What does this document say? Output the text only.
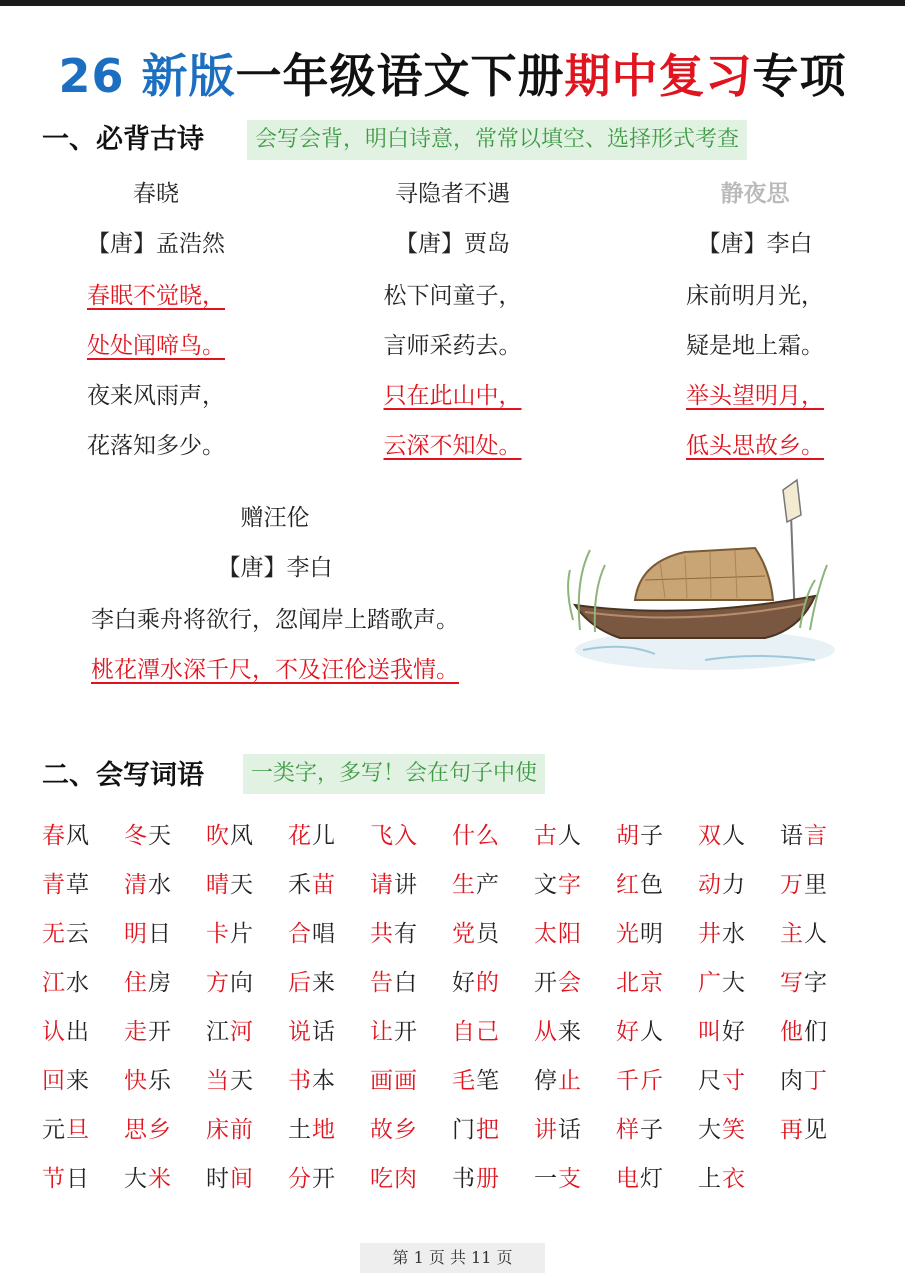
26 新版一年级语文下册期中复习专项
一、必背古诗	会写会背，明白诗意，常常以填空、选择形式考查
春晓
【唐】孟浩然
春眠不觉晓，
处处闻啼鸟。
夜来风雨声，
花落知多少。
寻隐者不遇
【唐】贾岛
松下问童子，
言师采药去。
只在此山中，
云深不知处。
静夜思
【唐】李白
床前明月光，
疑是地上霜。
举头望明月，
低头思故乡。
赠汪伦
【唐】李白
李白乘舟将欲行，忽闻岸上踏歌声。
桃花潭水深千尺，不及汪伦送我情。
二、会写词语	一类字，多写！会在句子中使
春风	冬天	吹风	花儿	飞入	什么	古人	胡子	双人	语言
青草	清水	晴天	禾苗	请讲	生产	文字	红色	动力	万里
无云	明日	卡片	合唱	共有	党员	太阳	光明	井水	主人
江水	住房	方向	后来	告白	好的	开会	北京	广大	写字
认出	走开	江河	说话	让开	自己	从来	好人	叫好	他们
回来	快乐	当天	书本	画画	毛笔	停止	千斤	尺寸	肉丁
元旦	思乡	床前	土地	故乡	门把	讲话	样子	大笑	再见
节日	大米	时间	分开	吃肉	书册	一支	电灯	上衣
第 1 页 共 11 页
